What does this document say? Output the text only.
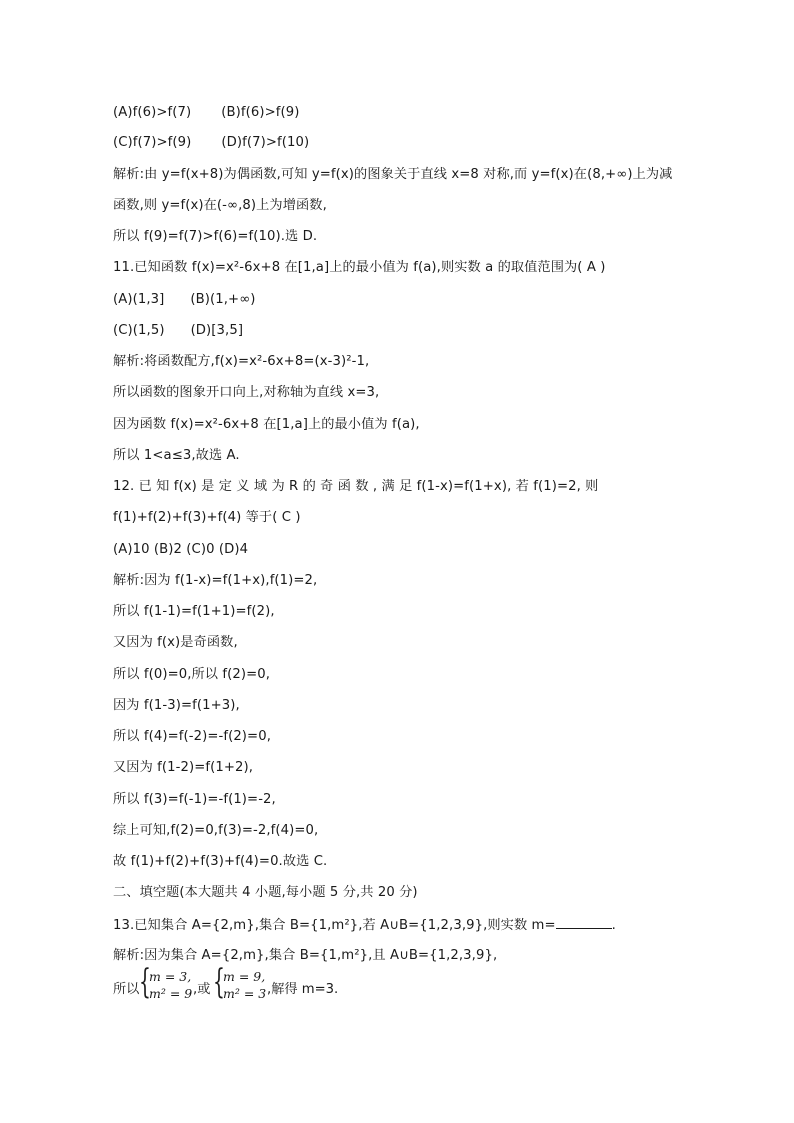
(A)f(6)>f(7) (B)f(6)>f(9)
(C)f(7)>f(9) (D)f(7)>f(10)
解析:由 y=f(x+8)为偶函数,可知 y=f(x)的图象关于直线 x=8 对称,而 y=f(x)在(8,+∞)上为减
函数,则 y=f(x)在(-∞,8)上为增函数,
所以 f(9)=f(7)>f(6)=f(10).选 D.
11.已知函数 f(x)=x²-6x+8 在[1,a]上的最小值为 f(a),则实数 a 的取值范围为( A )
(A)(1,3] (B)(1,+∞)
(C)(1,5) (D)[3,5]
解析:将函数配方,f(x)=x²-6x+8=(x-3)²-1,
所以函数的图象开口向上,对称轴为直线 x=3,
因为函数 f(x)=x²-6x+8 在[1,a]上的最小值为 f(a),
所以 1<a≤3,故选 A.
12. 已 知 f(x) 是 定 义 域 为 R 的 奇 函 数 , 满 足 f(1-x)=f(1+x), 若 f(1)=2, 则
f(1)+f(2)+f(3)+f(4) 等于( C )
(A)10 (B)2 (C)0 (D)4
解析:因为 f(1-x)=f(1+x),f(1)=2,
所以 f(1-1)=f(1+1)=f(2),
又因为 f(x)是奇函数,
所以 f(0)=0,所以 f(2)=0,
因为 f(1-3)=f(1+3),
所以 f(4)=f(-2)=-f(2)=0,
又因为 f(1-2)=f(1+2),
所以 f(3)=f(-1)=-f(1)=-2,
综上可知,f(2)=0,f(3)=-2,f(4)=0,
故 f(1)+f(2)+f(3)+f(4)=0.故选 C.
二、填空题(本大题共 4 小题,每小题 5 分,共 20 分)
13.已知集合 A={2,m},集合 B={1,m²},若 A∪B={1,2,3,9},则实数 m=	.
解析:因为集合 A={2,m},集合 B={1,m²},且 A∪B={1,2,3,9},
所以 {
m = 3,
m² = 9 ,或 {
m = 9,
m² = 3 ,解得 m=3.
